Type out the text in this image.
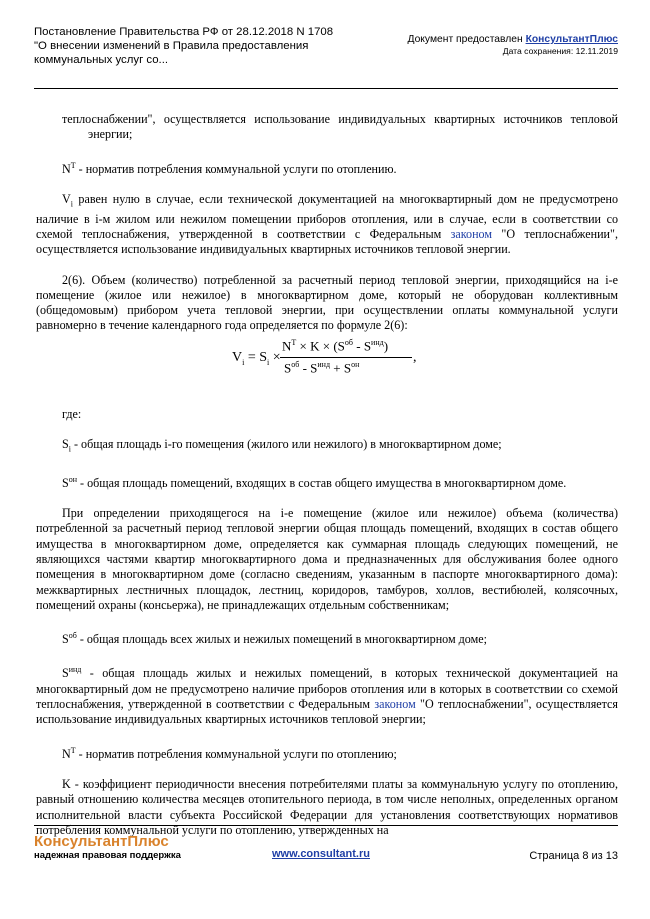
Постановление Правительства РФ от 28.12.2018 N 1708
"О внесении изменений в Правила предоставления
коммунальных услуг со...
Документ предоставлен КонсультантПлюс
Дата сохранения: 12.11.2019

теплоснабжении", осуществляется использование индивидуальных квартирных источников тепловой энергии;

$N^T$ - норматив потребления коммунальной услуги по отоплению.

$V_i$ равен нулю в случае, если технической документацией на многоквартирный дом не предусмотрено наличие в i-м жилом или нежилом помещении приборов отопления, или в случае, если в соответствии со схемой теплоснабжения, утвержденной в соответствии с Федеральным законом "О теплоснабжении", осуществляется использование индивидуальных квартирных источников тепловой энергии.

2(6). Объем (количество) потребленной за расчетный период тепловой энергии, приходящийся на i-е помещение (жилое или нежилое) в многоквартирном доме, который не оборудован коллективным (общедомовым) прибором учета тепловой энергии, при осуществлении оплаты коммунальной услуги равномерно в течение календарного года определяется по формуле 2(6):

где:

$S_i$ - общая площадь i-го помещения (жилого или нежилого) в многоквартирном доме;

$S^{он}$ - общая площадь помещений, входящих в состав общего имущества в многоквартирном доме.

При определении приходящегося на i-е помещение (жилое или нежилое) объема (количества) потребленной за расчетный период тепловой энергии общая площадь помещений, входящих в состав общего имущества в многоквартирном доме, определяется как суммарная площадь следующих помещений, не являющихся частями квартир многоквартирного дома и предназначенных для обслуживания более одного помещения в многоквартирном доме (согласно сведениям, указанным в паспорте многоквартирного дома): межквартирных лестничных площадок, лестниц, коридоров, тамбуров, холлов, вестибюлей, колясочных, помещений охраны (консьержа), не принадлежащих отдельным собственникам;

$S^{об}$ - общая площадь всех жилых и нежилых помещений в многоквартирном доме;

$S^{инд}$ - общая площадь жилых и нежилых помещений, в которых технической документацией на многоквартирный дом не предусмотрено наличие приборов отопления или в которых в соответствии со схемой теплоснабжения, утвержденной в соответствии с Федеральным законом "О теплоснабжении", осуществляется использование индивидуальных квартирных источников тепловой энергии;

$N^T$ - норматив потребления коммунальной услуги по отоплению;

K - коэффициент периодичности внесения потребителями платы за коммунальную услугу по отоплению, равный отношению количества месяцев отопительного периода, в том числе неполных, определенных органом исполнительной власти субъекта Российской Федерации для установления соответствующих нормативов потребления коммунальной услуги по отоплению, утвержденных на

$V_i = S_i$ ×
$N^T \times K \times (S^{об} - S^{инд})$
$S^{об} - S^{инд} + S^{он}$	,
КонсультантПлюс
надежная правовая поддержка	www.consultant.ru	Страница 8 из 13
